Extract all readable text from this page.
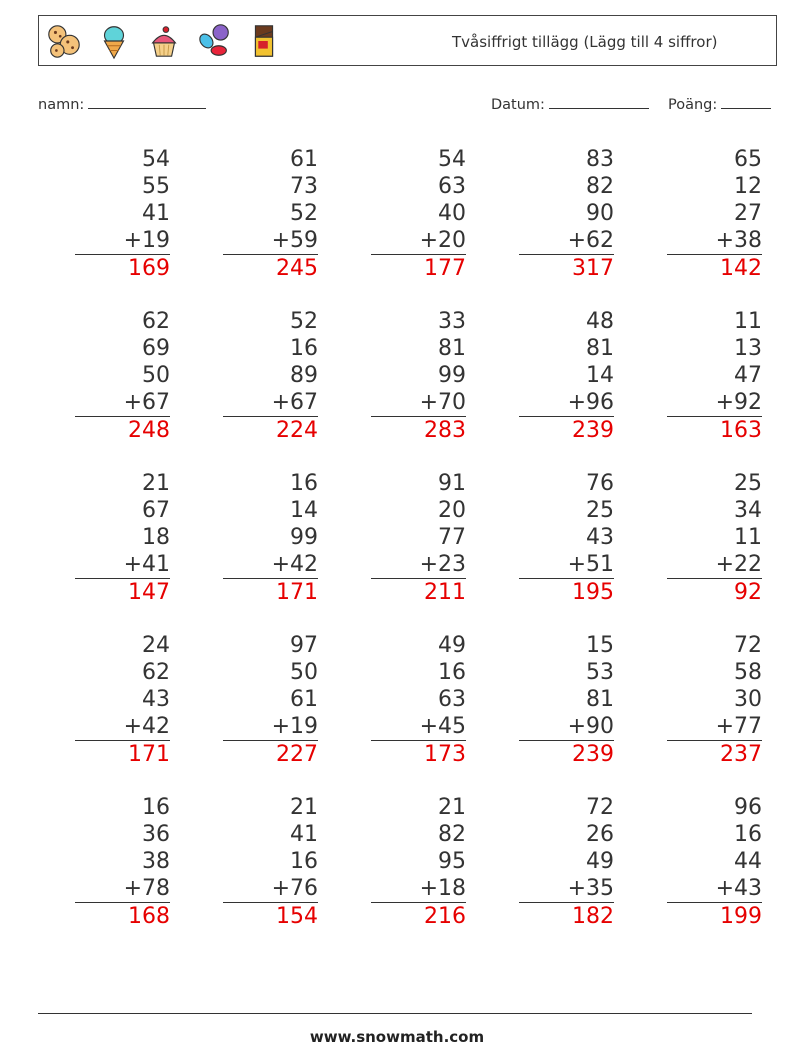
Tvåsiffrigt tillägg (Lägg till 4 siffror)
namn:	Datum:	Poäng:
54
55
41
+19
169
61
73
52
+59
245
54
63
40
+20
177
83
82
90
+62
317
65
12
27
+38
142
62
69
50
+67
248
52
16
89
+67
224
33
81
99
+70
283
48
81
14
+96
239
11
13
47
+92
163
21
67
18
+41
147
16
14
99
+42
171
91
20
77
+23
211
76
25
43
+51
195
25
34
11
+22
92
24
62
43
+42
171
97
50
61
+19
227
49
16
63
+45
173
15
53
81
+90
239
72
58
30
+77
237
16
36
38
+78
168
21
41
16
+76
154
21
82
95
+18
216
72
26
49
+35
182
96
16
44
+43
199
www.snowmath.com
